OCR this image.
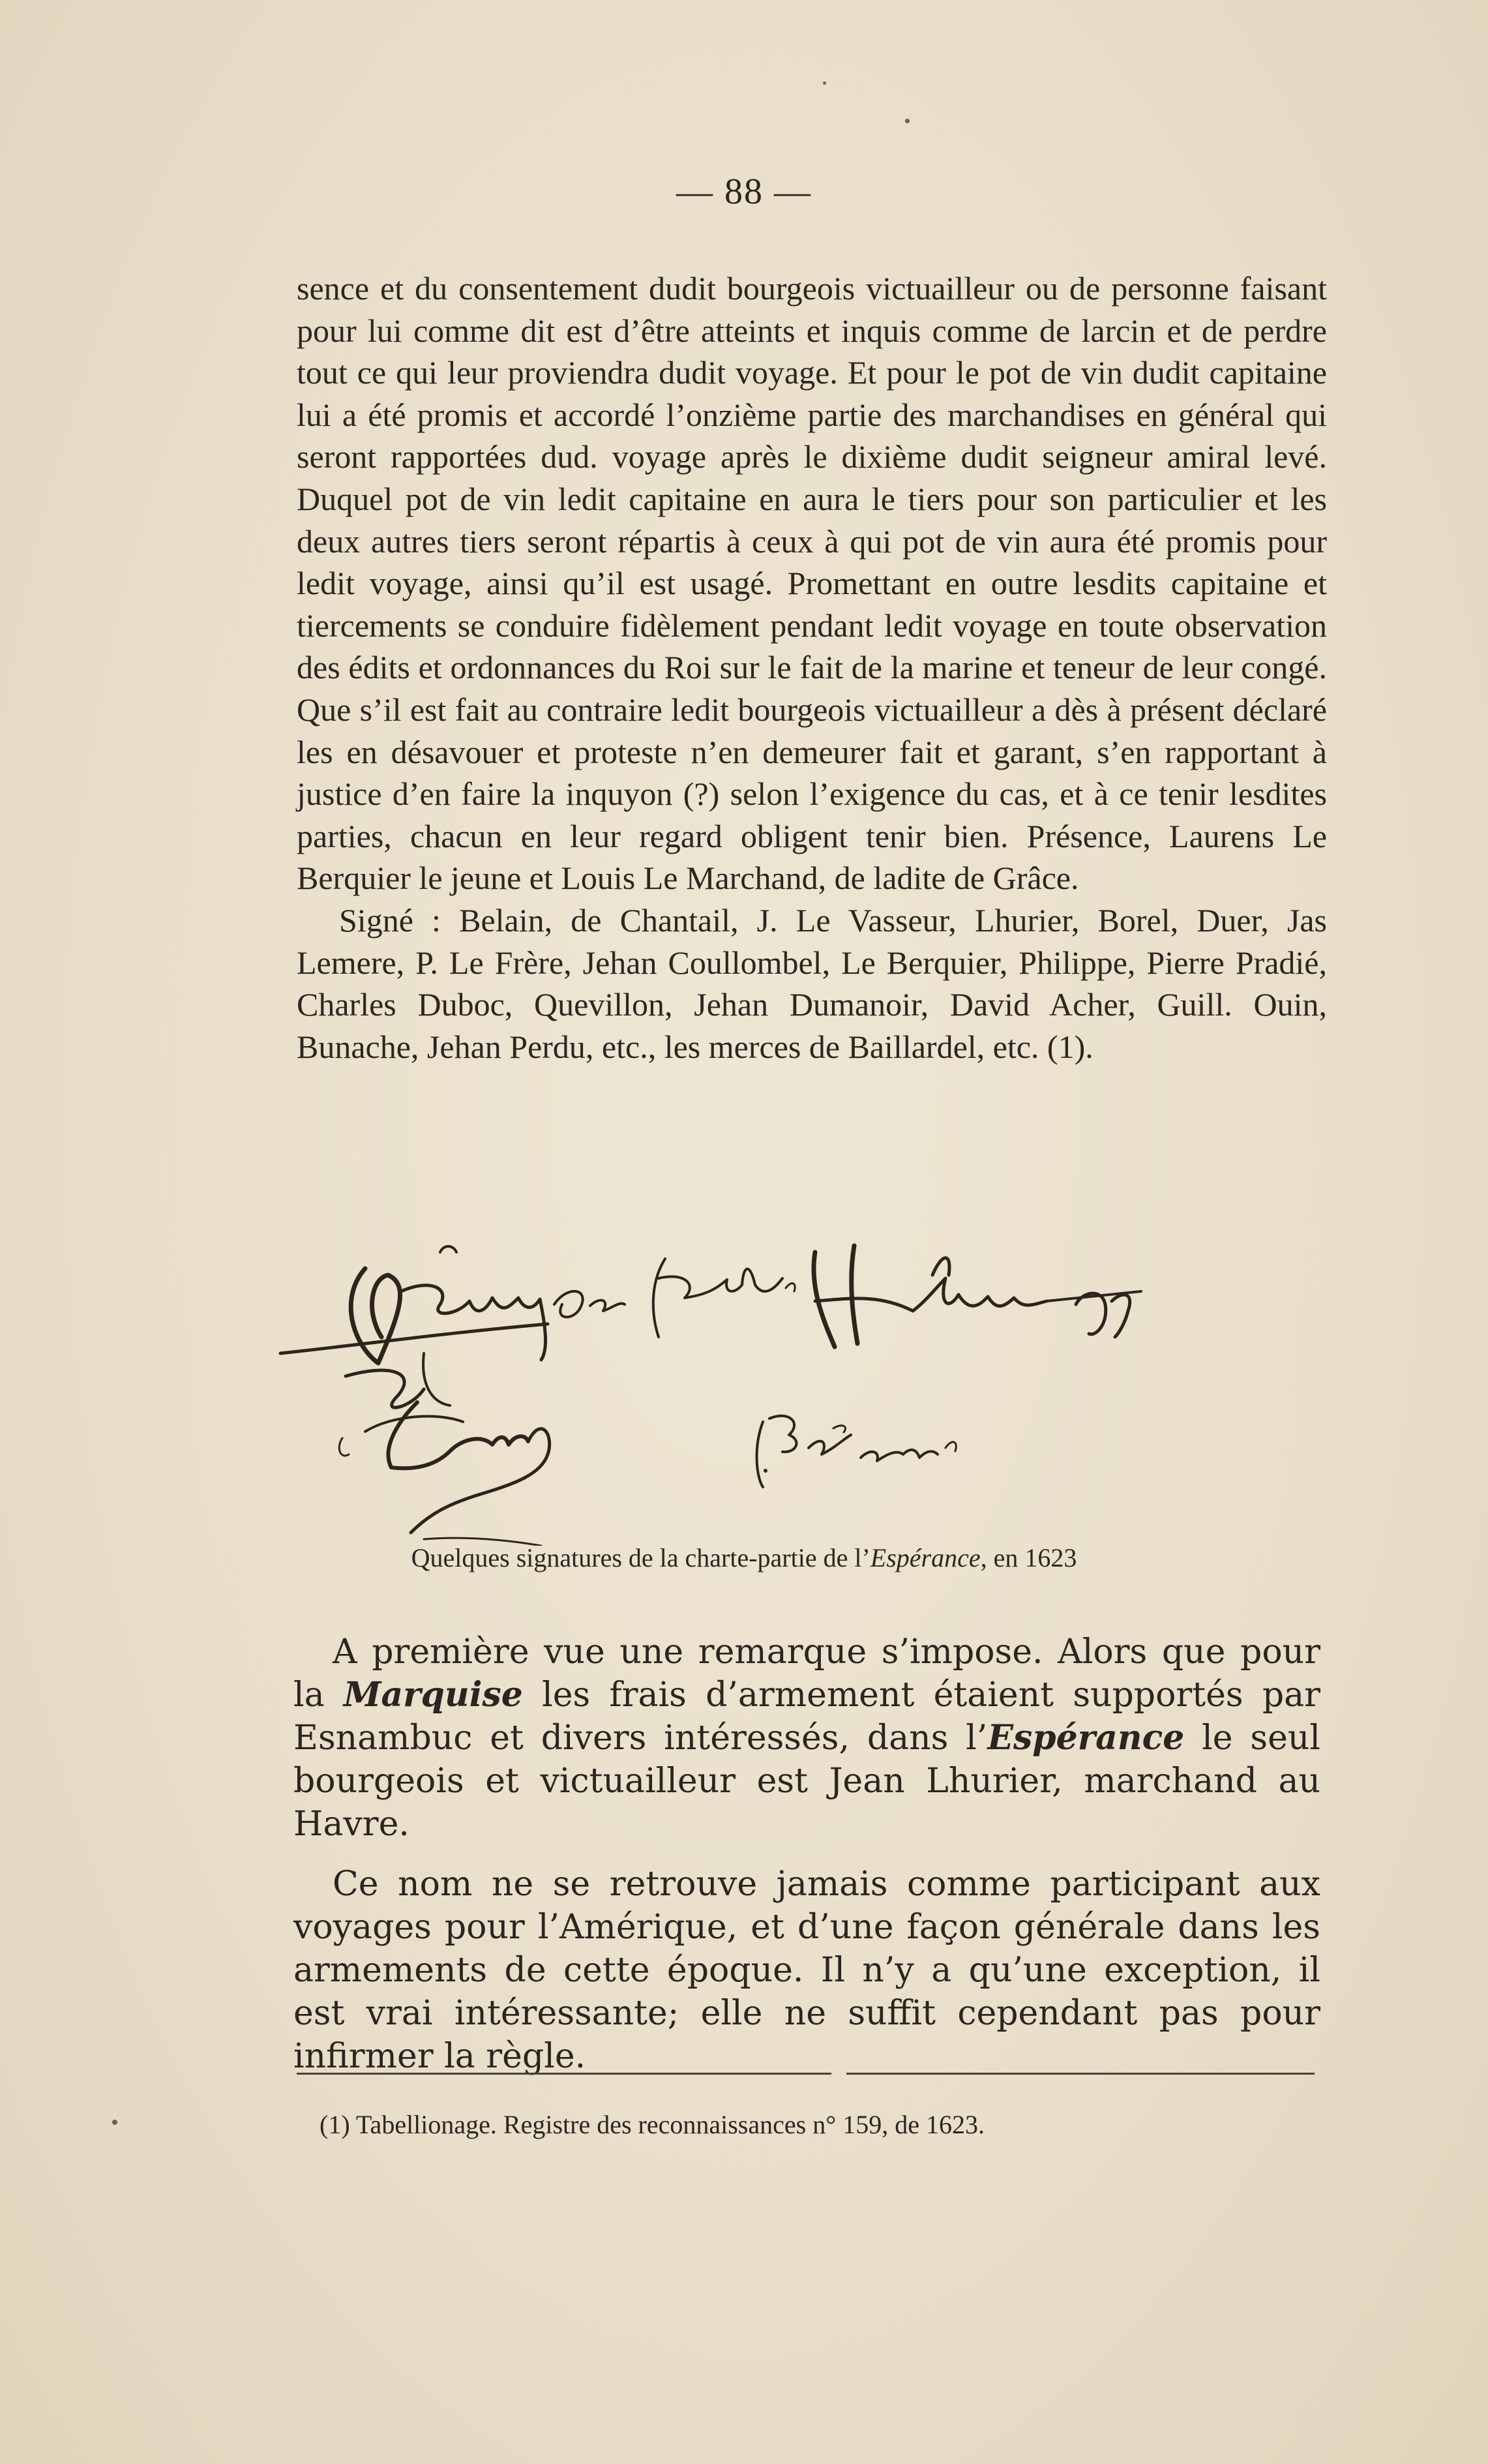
— 88 —

sence et du consentement dudit bourgeois victuailleur ou de personne faisant pour lui comme dit est d’être atteints et inquis comme de larcin et de perdre tout ce qui leur proviendra dudit voyage. Et pour le pot de vin dudit capitaine lui a été promis et accordé l’onzième partie des marchandises en général qui seront rapportées dud. voyage après le dixième dudit seigneur amiral levé. Duquel pot de vin ledit capitaine en aura le tiers pour son particulier et les deux autres tiers seront répartis à ceux à qui pot de vin aura été promis pour ledit voyage, ainsi qu’il est usagé. Promettant en outre lesdits capitaine et tiercements se conduire fidèlement pendant ledit voyage en toute observation des édits et ordonnances du Roi sur le fait de la marine et teneur de leur congé. Que s’il est fait au contraire ledit bourgeois victuailleur a dès à présent déclaré les en désavouer et proteste n’en demeurer fait et garant, s’en rapportant à justice d’en faire la inquyon (?) selon l’exigence du cas, et à ce tenir lesdites parties, chacun en leur regard obligent tenir bien. Présence, Laurens Le Berquier le jeune et Louis Le Marchand, de ladite de Grâce.

Signé : Belain, de Chantail, J. Le Vasseur, Lhurier, Borel, Duer, Jas Lemere, P. Le Frère, Jehan Coullombel, Le Berquier, Philippe, Pierre Pradié, Charles Duboc, Quevillon, Jehan Dumanoir, David Acher, Guill. Ouin, Bunache, Jehan Perdu, etc., les merces de Baillardel, etc. (1).

Quelques signatures de la charte-partie de l’Espérance, en 1623

A première vue une remarque s’impose. Alors que pour la Marquise les frais d’armement étaient supportés par Esnambuc et divers intéressés, dans l’Espérance le seul bourgeois et victuailleur est Jean Lhurier, marchand au Havre.

Ce nom ne se retrouve jamais comme participant aux voyages pour l’Amérique, et d’une façon générale dans les armements de cette époque. Il n’y a qu’une exception, il est vrai intéressante; elle ne suffit cependant pas pour infirmer la règle.

(1) Tabellionage. Registre des reconnaissances n° 159, de 1623.
